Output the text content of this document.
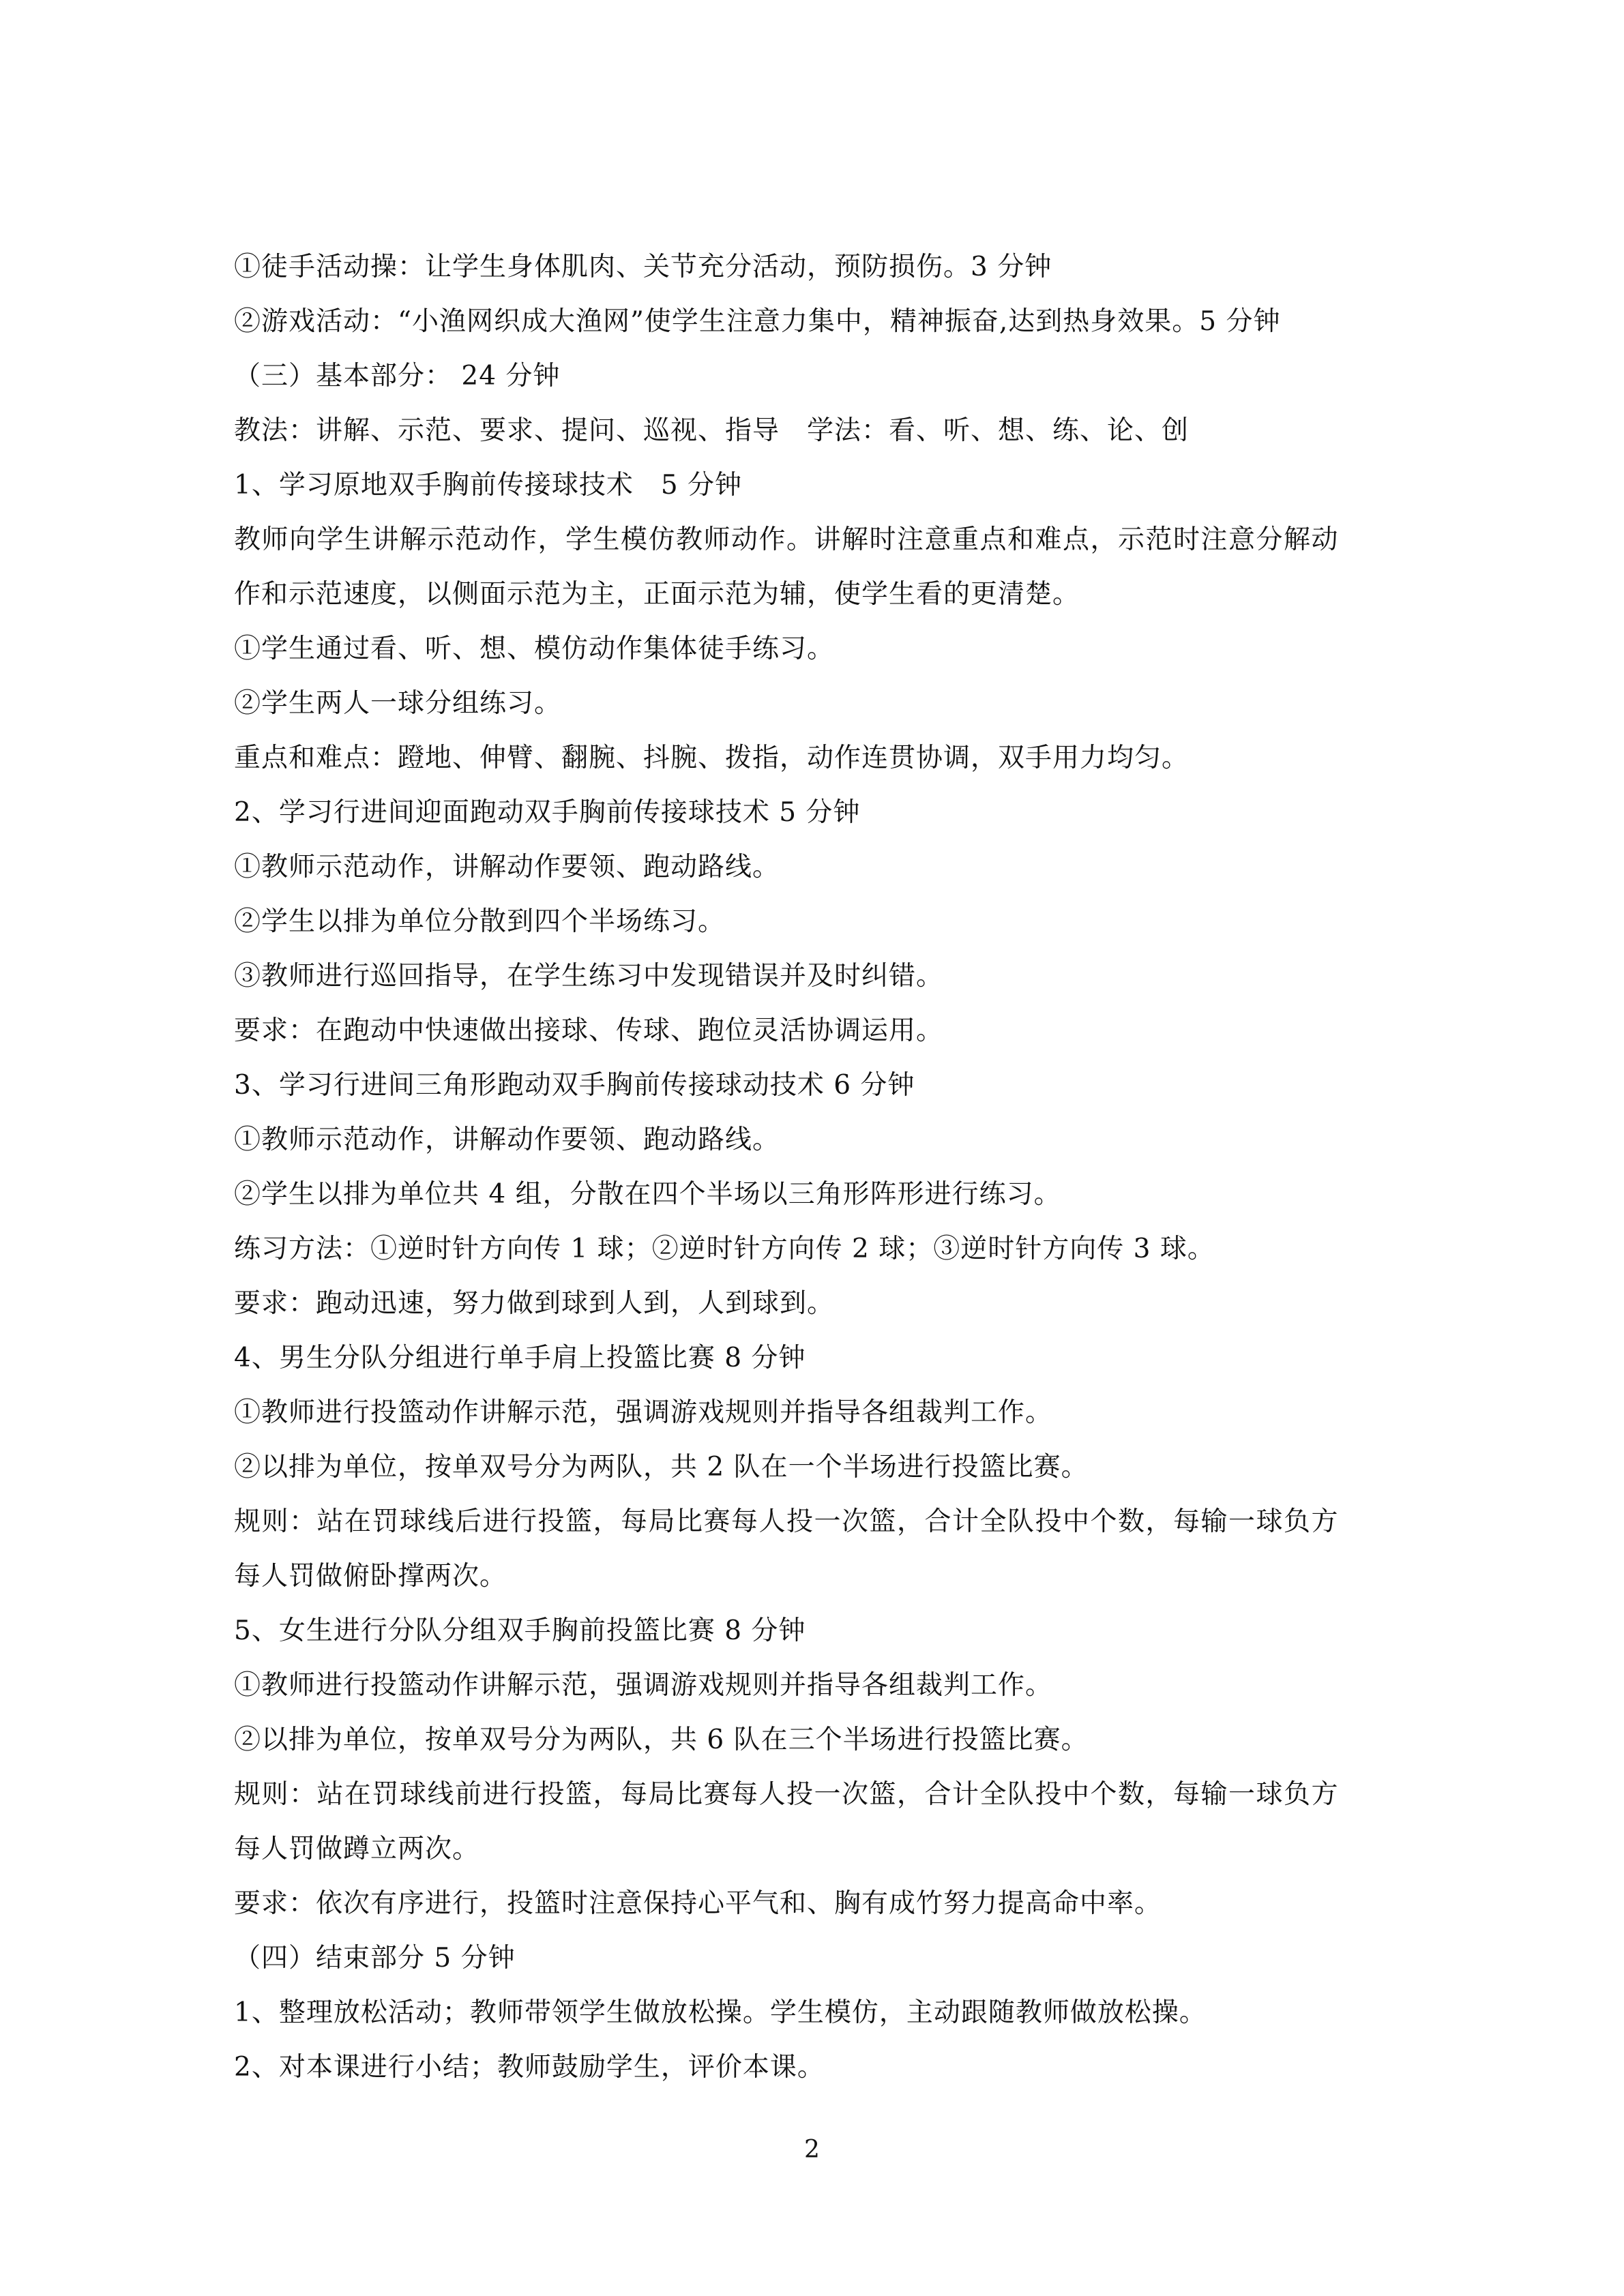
①徒手活动操：让学生身体肌肉、关节充分活动，预防损伤。3 分钟
②游戏活动：“小渔网织成大渔网”使学生注意力集中，精神振奋,达到热身效果。5 分钟
（三）基本部分： 24 分钟
教法：讲解、示范、要求、提问、巡视、指导　学法：看、听、想、练、论、创
1、学习原地双手胸前传接球技术　5 分钟
教师向学生讲解示范动作，学生模仿教师动作。讲解时注意重点和难点，示范时注意分解动
作和示范速度，以侧面示范为主，正面示范为辅，使学生看的更清楚。
①学生通过看、听、想、模仿动作集体徒手练习。
②学生两人一球分组练习。
重点和难点：蹬地、伸臂、翻腕、抖腕、拨指，动作连贯协调，双手用力均匀。
2、学习行进间迎面跑动双手胸前传接球技术 5 分钟
①教师示范动作，讲解动作要领、跑动路线。
②学生以排为单位分散到四个半场练习。
③教师进行巡回指导，在学生练习中发现错误并及时纠错。
要求：在跑动中快速做出接球、传球、跑位灵活协调运用。
3、学习行进间三角形跑动双手胸前传接球动技术 6 分钟
①教师示范动作，讲解动作要领、跑动路线。
②学生以排为单位共 4 组，分散在四个半场以三角形阵形进行练习。
练习方法：①逆时针方向传 1 球；②逆时针方向传 2 球；③逆时针方向传 3 球。
要求：跑动迅速，努力做到球到人到，人到球到。
4、男生分队分组进行单手肩上投篮比赛 8 分钟
①教师进行投篮动作讲解示范，强调游戏规则并指导各组裁判工作。
②以排为单位，按单双号分为两队，共 2 队在一个半场进行投篮比赛。
规则：站在罚球线后进行投篮，每局比赛每人投一次篮，合计全队投中个数，每输一球负方
每人罚做俯卧撑两次。
5、女生进行分队分组双手胸前投篮比赛 8 分钟
①教师进行投篮动作讲解示范，强调游戏规则并指导各组裁判工作。
②以排为单位，按单双号分为两队，共 6 队在三个半场进行投篮比赛。
规则：站在罚球线前进行投篮，每局比赛每人投一次篮，合计全队投中个数，每输一球负方
每人罚做蹲立两次。
要求：依次有序进行，投篮时注意保持心平气和、胸有成竹努力提高命中率。
（四）结束部分 5 分钟
1、整理放松活动；教师带领学生做放松操。学生模仿，主动跟随教师做放松操。
2、对本课进行小结；教师鼓励学生，评价本课。
2
